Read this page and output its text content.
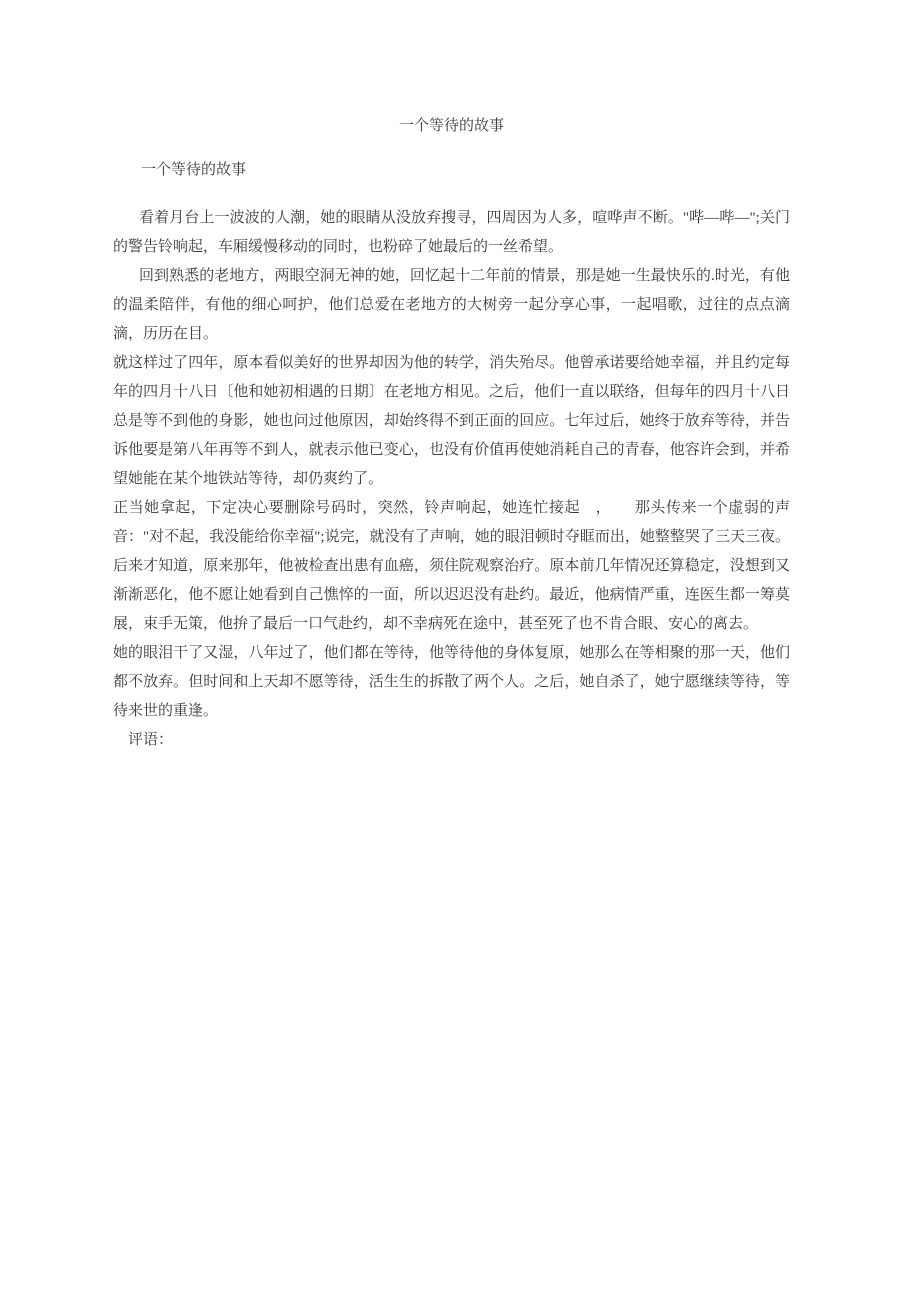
一个等待的故事
一个等待的故事

看着月台上一波波的人潮，她的眼睛从没放弃搜寻，四周因为人多，喧哗声不断。"哔—哔—";关门的警告铃响起，车厢缓慢移动的同时，也粉碎了她最后的一丝希望。

回到熟悉的老地方，两眼空洞无神的她，回忆起十二年前的情景，那是她一生最快乐的.时光，有他的温柔陪伴，有他的细心呵护，他们总爱在老地方的大树旁一起分享心事，一起唱歌，过往的点点滴滴，历历在目。

就这样过了四年，原本看似美好的世界却因为他的转学，消失殆尽。他曾承诺要给她幸福，并且约定每年的四月十八日〔他和她初相遇的日期〕在老地方相见。之后，他们一直以联络，但每年的四月十八日总是等不到他的身影，她也问过他原因，却始终得不到正面的回应。七年过后，她终于放弃等待，并告诉他要是第八年再等不到人，就表示他已变心，也没有价值再使她消耗自己的青春，他容许会到，并希望她能在某个地铁站等待，却仍爽约了。

正当她拿起，下定决心要删除号码时，突然，铃声响起，她连忙接起　，　　那头传来一个虚弱的声音："对不起，我没能给你幸福";说完，就没有了声响，她的眼泪顿时夺眶而出，她整整哭了三天三夜。后来才知道，原来那年，他被检查出患有血癌，须住院观察治疗。原本前几年情况还算稳定，没想到又渐渐恶化，他不愿让她看到自己憔悴的一面，所以迟迟没有赴约。最近，他病情严重，连医生都一筹莫展，束手无策，他拚了最后一口气赴约，却不幸病死在途中，甚至死了也不肯合眼、安心的离去。

她的眼泪干了又湿，八年过了，他们都在等待，他等待他的身体复原，她那么在等相聚的那一天，他们都不放弃。但时间和上天却不愿等待，活生生的拆散了两个人。之后，她自杀了，她宁愿继续等待，等待来世的重逢。

评语：
